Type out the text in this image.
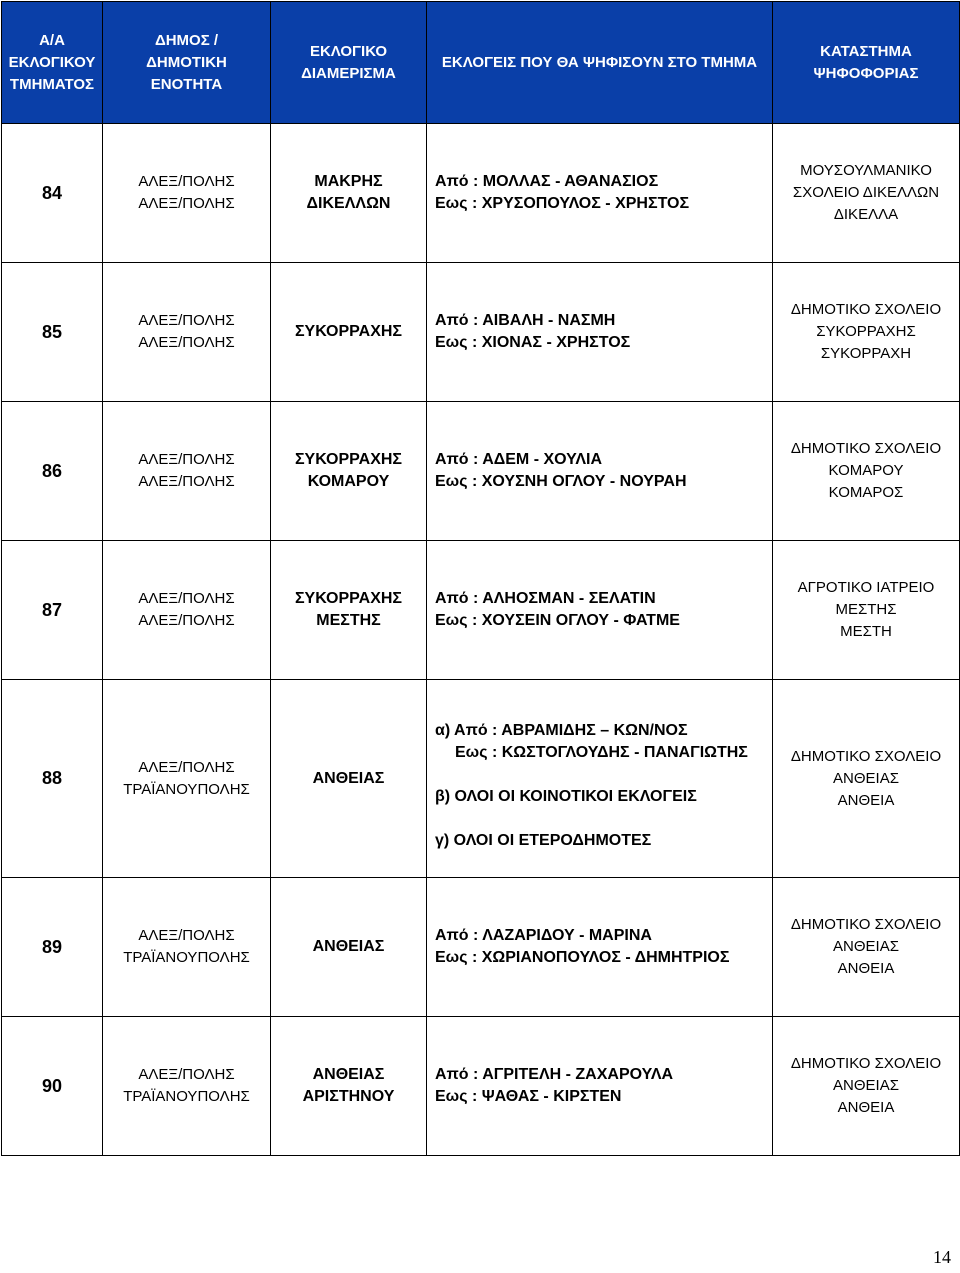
Α/Α
ΕΚΛΟΓΙΚΟΥ
ΤΜΗΜΑΤΟΣ	ΔΗΜΟΣ /
ΔΗΜΟΤΙΚΗ
ΕΝΟΤΗΤΑ	ΕΚΛΟΓΙΚΟ
ΔΙΑΜΕΡΙΣΜΑ	ΕΚΛΟΓΕΙΣ ΠΟΥ ΘΑ ΨΗΦΙΣΟΥΝ ΣΤΟ ΤΜΗΜΑ	ΚΑΤΑΣΤΗΜΑ
ΨΗΦΟΦΟΡΙΑΣ

84	ΑΛΕΞ/ΠΟΛΗΣ
ΑΛΕΞ/ΠΟΛΗΣ	ΜΑΚΡΗΣ
ΔΙΚΕΛΛΩΝ	Από : ΜΟΛΛΑΣ - ΑΘΑΝΑΣΙΟΣ
Εως : ΧΡΥΣΟΠΟΥΛΟΣ - ΧΡΗΣΤΟΣ	ΜΟΥΣΟΥΛΜΑΝΙΚΟ
ΣΧΟΛΕΙΟ ΔΙΚΕΛΛΩΝ
ΔΙΚΕΛΛΑ

85	ΑΛΕΞ/ΠΟΛΗΣ
ΑΛΕΞ/ΠΟΛΗΣ	ΣΥΚΟΡΡΑΧΗΣ	Από : ΑΙΒΑΛΗ - ΝΑΣΜΗ
Εως : ΧΙΟΝΑΣ - ΧΡΗΣΤΟΣ	ΔΗΜΟΤΙΚΟ ΣΧΟΛΕΙΟ
ΣΥΚΟΡΡΑΧΗΣ
ΣΥΚΟΡΡΑΧΗ

86	ΑΛΕΞ/ΠΟΛΗΣ
ΑΛΕΞ/ΠΟΛΗΣ	ΣΥΚΟΡΡΑΧΗΣ
ΚΟΜΑΡΟΥ	Από : ΑΔΕΜ - ΧΟΥΛΙΑ
Εως : ΧΟΥΣΝΗ ΟΓΛΟΥ - ΝΟΥΡΑΗ	ΔΗΜΟΤΙΚΟ ΣΧΟΛΕΙΟ
ΚΟΜΑΡΟΥ
ΚΟΜΑΡΟΣ

87	ΑΛΕΞ/ΠΟΛΗΣ
ΑΛΕΞ/ΠΟΛΗΣ	ΣΥΚΟΡΡΑΧΗΣ
ΜΕΣΤΗΣ	Από : ΑΛΗΟΣΜΑΝ - ΣΕΛΑΤΙΝ
Εως : ΧΟΥΣΕΙΝ ΟΓΛΟΥ - ΦΑΤΜΕ	ΑΓΡΟΤΙΚΟ ΙΑΤΡΕΙΟ
ΜΕΣΤΗΣ
ΜΕΣΤΗ

88	ΑΛΕΞ/ΠΟΛΗΣ
ΤΡΑΪΑΝΟΥΠΟΛΗΣ	ΑΝΘΕΙΑΣ	α) Από : ΑΒΡΑΜΙΔΗΣ – ΚΩΝ/ΝΟΣ
Εως : ΚΩΣΤΟΓΛΟΥΔΗΣ - ΠΑΝΑΓΙΩΤΗΣ
β) ΟΛΟΙ ΟΙ ΚΟΙΝΟΤΙΚΟΙ ΕΚΛΟΓΕΙΣ
γ) ΟΛΟΙ ΟΙ ΕΤΕΡΟΔΗΜΟΤΕΣ	ΔΗΜΟΤΙΚΟ ΣΧΟΛΕΙΟ
ΑΝΘΕΙΑΣ
ΑΝΘΕΙΑ

89	ΑΛΕΞ/ΠΟΛΗΣ
ΤΡΑΪΑΝΟΥΠΟΛΗΣ	ΑΝΘΕΙΑΣ	Από : ΛΑΖΑΡΙΔΟΥ - ΜΑΡΙΝΑ
Εως : ΧΩΡΙΑΝΟΠΟΥΛΟΣ - ΔΗΜΗΤΡΙΟΣ	ΔΗΜΟΤΙΚΟ ΣΧΟΛΕΙΟ
ΑΝΘΕΙΑΣ
ΑΝΘΕΙΑ

90	ΑΛΕΞ/ΠΟΛΗΣ
ΤΡΑΪΑΝΟΥΠΟΛΗΣ	ΑΝΘΕΙΑΣ
ΑΡΙΣΤΗΝΟΥ	Από : ΑΓΡΙΤΕΛΗ - ΖΑΧΑΡΟΥΛΑ
Εως : ΨΑΘΑΣ - ΚΙΡΣΤΕΝ	ΔΗΜΟΤΙΚΟ ΣΧΟΛΕΙΟ
ΑΝΘΕΙΑΣ
ΑΝΘΕΙΑ
14
